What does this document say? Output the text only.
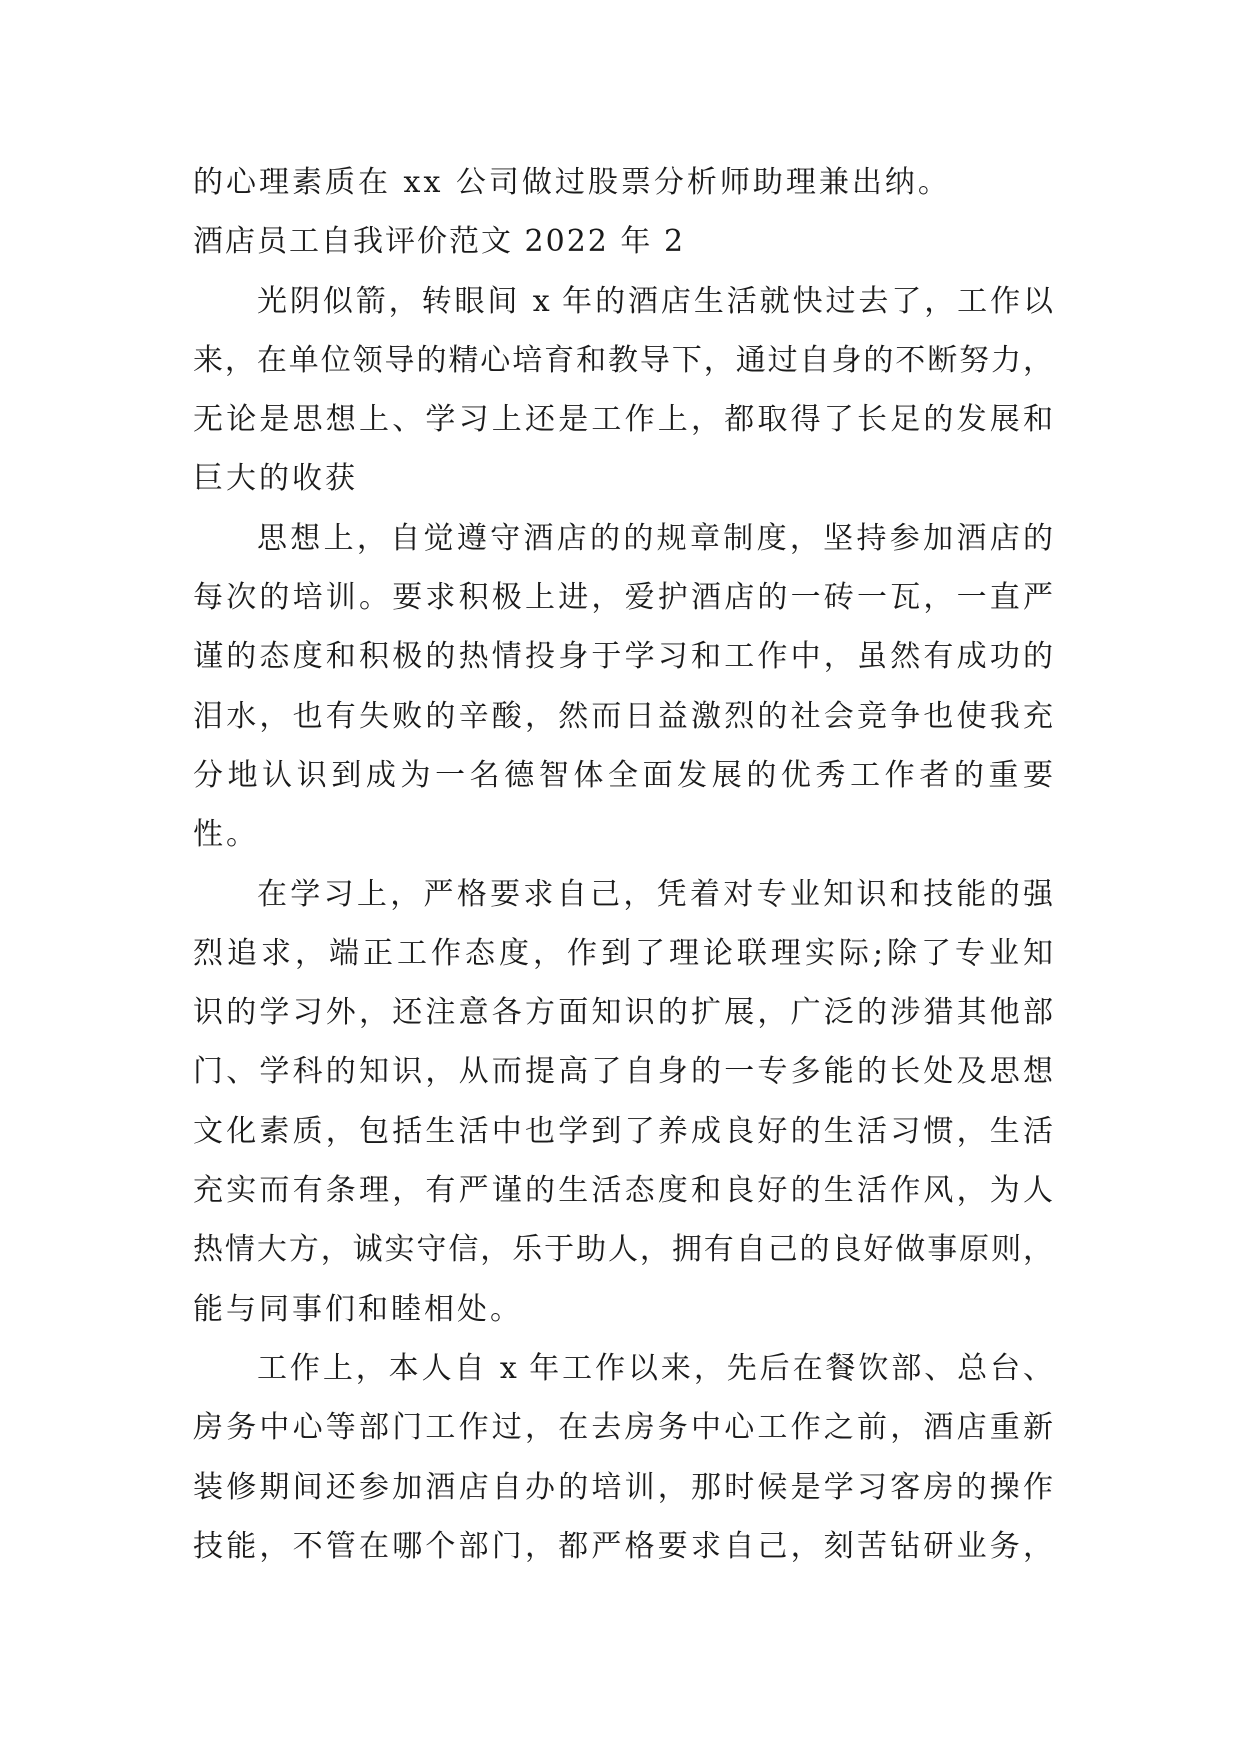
的心理素质在 xx 公司做过股票分析师助理兼出纳。
酒店员工自我评价范文 2022 年 2
光阴似箭，转眼间 x 年的酒店生活就快过去了，工作以
来，在单位领导的精心培育和教导下，通过自身的不断努力，
无论是思想上、学习上还是工作上，都取得了长足的发展和
巨大的收获
思想上，自觉遵守酒店的的规章制度，坚持参加酒店的
每次的培训。要求积极上进，爱护酒店的一砖一瓦，一直严
谨的态度和积极的热情投身于学习和工作中，虽然有成功的
泪水，也有失败的辛酸，然而日益激烈的社会竞争也使我充
分地认识到成为一名德智体全面发展的优秀工作者的重要
性。
在学习上，严格要求自己，凭着对专业知识和技能的强
烈追求，端正工作态度，作到了理论联理实际;除了专业知
识的学习外，还注意各方面知识的扩展，广泛的涉猎其他部
门、学科的知识，从而提高了自身的一专多能的长处及思想
文化素质，包括生活中也学到了养成良好的生活习惯，生活
充实而有条理，有严谨的生活态度和良好的生活作风，为人
热情大方，诚实守信，乐于助人，拥有自己的良好做事原则，
能与同事们和睦相处。
工作上，本人自 x 年工作以来，先后在餐饮部、总台、
房务中心等部门工作过，在去房务中心工作之前，酒店重新
装修期间还参加酒店自办的培训，那时候是学习客房的操作
技能，不管在哪个部门，都严格要求自己，刻苦钻研业务，
